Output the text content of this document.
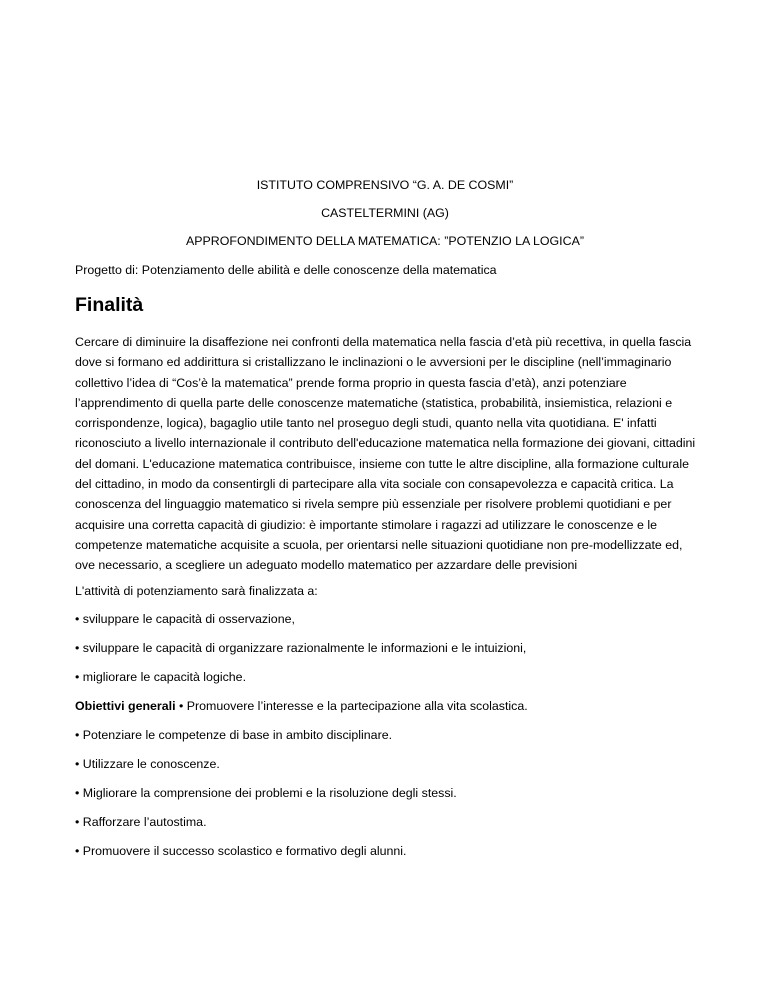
ISTITUTO COMPRENSIVO “G. A. DE COSMI”
CASTELTERMINI (AG)
APPROFONDIMENTO DELLA MATEMATICA: ”POTENZIO LA LOGICA”
Progetto di: Potenziamento delle abilità e delle conoscenze della matematica
Finalità
Cercare di diminuire la disaffezione nei confronti della matematica nella fascia d’età più recettiva, in quella fascia dove si formano ed addirittura si cristallizzano le inclinazioni o le avversioni per le discipline (nell’immaginario collettivo l’idea di “Cos’è la matematica” prende forma proprio in questa fascia d’età), anzi potenziare l’apprendimento di quella parte delle conoscenze matematiche (statistica, probabilità, insiemistica, relazioni e corrispondenze, logica), bagaglio utile tanto nel proseguo degli studi, quanto nella vita quotidiana. E' infatti riconosciuto a livello internazionale il contributo dell'educazione matematica nella formazione dei giovani, cittadini del domani. L'educazione matematica contribuisce, insieme con tutte le altre discipline, alla formazione culturale del cittadino, in modo da consentirgli di partecipare alla vita sociale con consapevolezza e capacità critica. La conoscenza del linguaggio matematico si rivela sempre più essenziale per risolvere problemi quotidiani e per acquisire una corretta capacità di giudizio: è importante stimolare i ragazzi ad utilizzare le conoscenze e le competenze matematiche acquisite a scuola, per orientarsi nelle situazioni quotidiane non pre-modellizzate ed, ove necessario, a scegliere un adeguato modello matematico per azzardare delle previsioni
L'attività di potenziamento sarà finalizzata a:
• sviluppare le capacità di osservazione,
• sviluppare le capacità di organizzare razionalmente le informazioni e le intuizioni,
• migliorare le capacità logiche.
Obiettivi generali • Promuovere l’interesse e la partecipazione alla vita scolastica.
• Potenziare le competenze di base in ambito disciplinare.
• Utilizzare le conoscenze.
• Migliorare la comprensione dei problemi e la risoluzione degli stessi.
• Rafforzare l’autostima.
• Promuovere il successo scolastico e formativo degli alunni.
